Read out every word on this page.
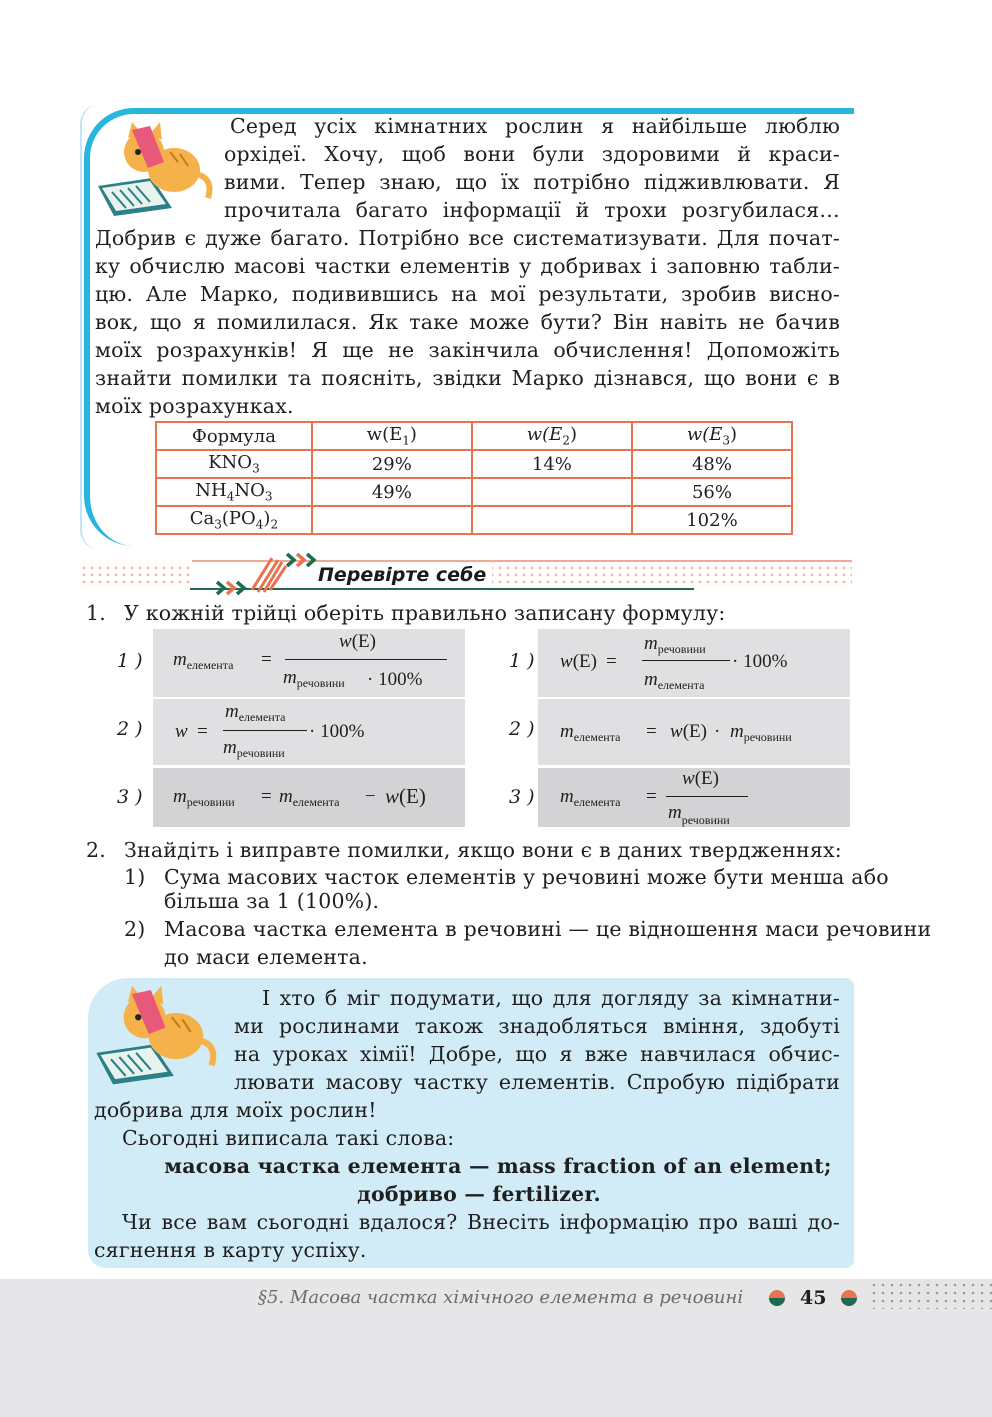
Серед усіх кімнатних рослин я найбільше люблю
орхідеї. Хочу, щоб вони були здоровими й краси-
вими. Тепер знаю, що їх потрібно підживлювати. Я
прочитала багато інформації й трохи розгубилася…
Добрив є дуже багато. Потрібно все систематизувати. Для почат-
ку обчислю масові частки елементів у добривах і заповню табли-
цю. Але Марко, подивившись на мої результати, зробив висно-
вок, що я помилилася. Як таке може бути? Він навіть не бачив
моїх розрахунків! Я ще не закінчила обчислення! Допоможіть
знайти помилки та поясніть, звідки Марко дізнався, що вони є в
моїх розрахунках.
Формула	$w(E_1)$	$w(E_2)$	$w(E_3)$
$KNO_3$	29%	14%	48%
$NH_4NO_3$	49%		56%
$Ca_3(PO_4)_2$			102%
Перевірте себе
1. У кожній трійці оберіть правильно записану формулу:
1 )
2 )
3 )
1 )
2 )
3 )
$m_{елемента}$ =
w(E)
$m_{речовини} \cdot 100\%$
w =
$m_{елемента}$
$m_{речовини}$
· 100%
$m_{речовини} = m_{елемента} - w(E)$
w(E) =
$m_{речовини}$
$m_{елемента}$
· 100%
$m_{елемента} = w(E) \cdot m_{речовини}$
$m_{елемента}$ =
w(E)
$m_{речовини}$
2. Знайдіть і виправте помилки, якщо вони є в даних твердженнях:
1) Сума масових часток елементів у речовині може бути менша або
більша за 1 (100%).
2) Масова частка елемента в речовині — це відношення маси речовини
до маси елемента.
І хто б міг подумати, що для догляду за кімнатни-
ми рослинами також знадобляться вміння, здобуті
на уроках хімії! Добре, що я вже навчилася обчис-
лювати масову частку елементів. Спробую підібрати
добрива для моїх рослин!
Сьогодні виписала такі слова:
масова частка елемента — mass fraction of an element;
добриво — fertilizer.
Чи все вам сьогодні вдалося? Внесіть інформацію про ваші до-
сягнення в карту успіху.
§5. Масова частка хімічного елемента в речовині	45
